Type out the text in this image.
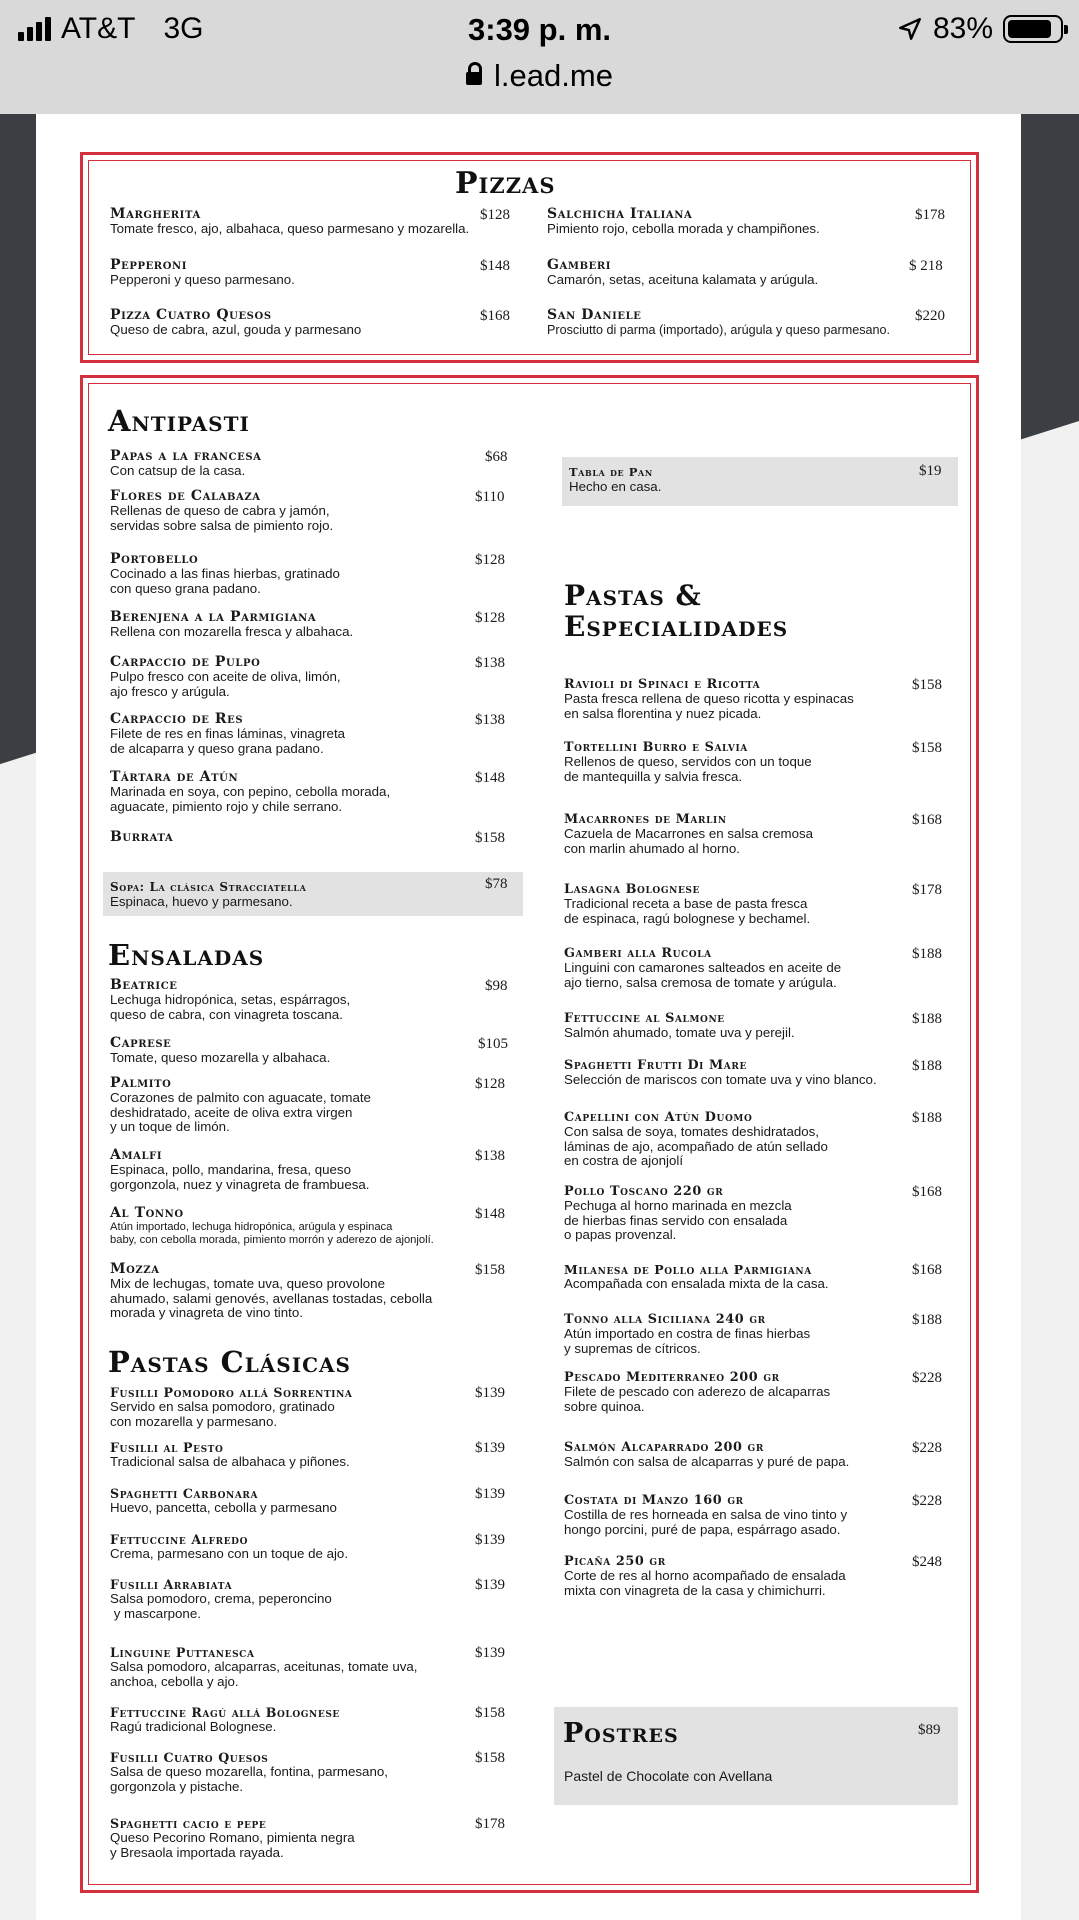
AT&T 3G	3:39 p. m.
l.ead.me
83%
Pizzas
Margherita
Tomate fresco, ajo, albahaca, queso parmesano y mozarella.
$128
Pepperoni
Pepperoni y queso parmesano.
$148
Pizza Cuatro Quesos
Queso de cabra, azul, gouda y parmesano
$168
Salchicha Italiana
Pimiento rojo, cebolla morada y champiñones.
$178
Gamberi
Camarón, setas, aceituna kalamata y arúgula.
$ 218
San Daniele
Prosciutto di parma (importado), arúgula y queso parmesano.
$220
Antipasti
Papas a la francesa
Con catsup de la casa.
$68
Flores de Calabaza
Rellenas de queso de cabra y jamón,
servidas sobre salsa de pimiento rojo.
$110
Portobello
Cocinado a las finas hierbas, gratinado
con queso grana padano.
$128
Berenjena a la Parmigiana
Rellena con mozarella fresca y albahaca.
$128
Carpaccio de Pulpo
Pulpo fresco con aceite de oliva, limón,
ajo fresco y arúgula.
$138
Carpaccio de Res
Filete de res en finas láminas, vinagreta
de alcaparra y queso grana padano.
$138
Tártara de Atún
Marinada en soya, con pepino, cebolla morada,
aguacate, pimiento rojo y chile serrano.
$148
Burrata	$158
Sopa: La clásica Stracciatella
Espinaca, huevo y parmesano.
$78
Ensaladas
Beatrice
Lechuga hidropónica, setas, espárragos,
queso de cabra, con vinagreta toscana.
$98
Caprese
Tomate, queso mozarella y albahaca.
$105
Palmito
Corazones de palmito con aguacate, tomate
deshidratado, aceite de oliva extra virgen
y un toque de limón.
$128
Amalfi
Espinaca, pollo, mandarina, fresa, queso
gorgonzola, nuez y vinagreta de frambuesa.
$138
Al Tonno
Atún importado, lechuga hidropónica, arúgula y espinaca
baby, con cebolla morada, pimiento morrón y aderezo de ajonjolí.
$148
Mozza
Mix de lechugas, tomate uva, queso provolone
ahumado, salami genovés, avellanas tostadas, cebolla
morada y vinagreta de vino tinto.
$158
Pastas Clásicas
Fusilli Pomodoro allá Sorrentina
Servido en salsa pomodoro, gratinado
con mozarella y parmesano.
$139
Fusilli al Pesto
Tradicional salsa de albahaca y piñones.
$139
Spaghetti Carbonara
Huevo, pancetta, cebolla y parmesano
$139
Fettuccine Alfredo
Crema, parmesano con un toque de ajo.
$139
Fusilli Arrabiata
Salsa pomodoro, crema, peperoncino
y mascarpone.
$139
Linguine Puttanesca
Salsa pomodoro, alcaparras, aceitunas, tomate uva,
anchoa, cebolla y ajo.
$139
Fettuccine Ragú allá Bolognese
Ragú tradicional Bolognese.
$158
Fusilli Cuatro Quesos
Salsa de queso mozarella, fontina, parmesano,
gorgonzola y pistache.
$158
Spaghetti cacio e pepe
Queso Pecorino Romano, pimienta negra
y Bresaola importada rayada.
$178
Tabla de Pan
Hecho en casa.
$19
Pastas &
Especialidades
Ravioli di Spinaci e Ricotta
Pasta fresca rellena de queso ricotta y espinacas
en salsa florentina y nuez picada.
$158
Tortellini Burro e Salvia
Rellenos de queso, servidos con un toque
de mantequilla y salvia fresca.
$158
Macarrones de Marlin
Cazuela de Macarrones en salsa cremosa
con marlin ahumado al horno.
$168
Lasagna Bolognese
Tradicional receta a base de pasta fresca
de espinaca, ragú bolognese y bechamel.
$178
Gamberi alla Rucola
Linguini con camarones salteados en aceite de
ajo tierno, salsa cremosa de tomate y arúgula.
$188
Fettuccine al Salmone
Salmón ahumado, tomate uva y perejil.
$188
Spaghetti Frutti Di Mare
Selección de mariscos con tomate uva y vino blanco.
$188
Capellini con Atún Duomo
Con salsa de soya, tomates deshidratados,
láminas de ajo, acompañado de atún sellado
en costra de ajonjolí
$188
Pollo Toscano 220 gr
Pechuga al horno marinada en mezcla
de hierbas finas servido con ensalada
o papas provenzal.
$168
Milanesa de Pollo alla Parmigiana
Acompañada con ensalada mixta de la casa.
$168
Tonno alla Siciliana 240 gr
Atún importado en costra de finas hierbas
y supremas de cítricos.
$188
Pescado Mediterraneo 200 gr
Filete de pescado con aderezo de alcaparras
sobre quinoa.
$228
Salmón Alcaparrado 200 gr
Salmón con salsa de alcaparras y puré de papa.
$228
Costata di Manzo 160 gr
Costilla de res horneada en salsa de vino tinto y
hongo porcini, puré de papa, espárrago asado.
$228
Picaña 250 gr
Corte de res al horno acompañado de ensalada
mixta con vinagreta de la casa y chimichurri.
$248
Postres	$89
Pastel de Chocolate con Avellana
